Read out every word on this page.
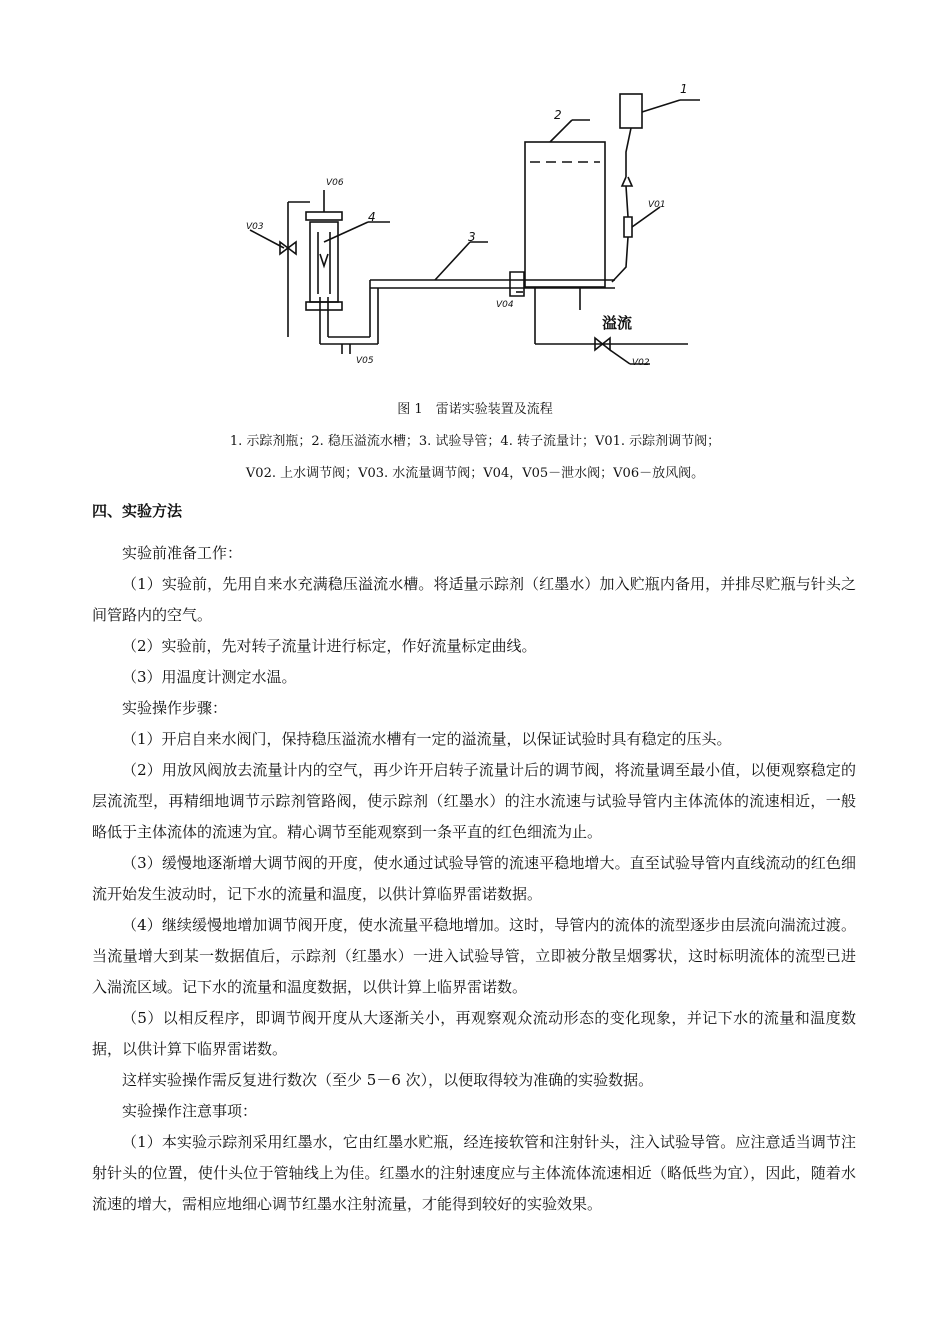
1
2
3
4
V01
V02
V03
V04
V05
V06
溢流
图 1　雷诺实验装置及流程
1. 示踪剂瓶；2. 稳压溢流水槽；3. 试验导管；4. 转子流量计；V01. 示踪剂调节阀；
V02. 上水调节阀；V03. 水流量调节阀；V04，V05－泄水阀；V06－放风阀。
四、实验方法

实验前准备工作：

（1）实验前，先用自来水充满稳压溢流水槽。将适量示踪剂（红墨水）加入贮瓶内备用，并排尽贮瓶与针头之间管路内的空气。

（2）实验前，先对转子流量计进行标定，作好流量标定曲线。

（3）用温度计测定水温。

实验操作步骤：

（1）开启自来水阀门，保持稳压溢流水槽有一定的溢流量，以保证试验时具有稳定的压头。

（2）用放风阀放去流量计内的空气，再少许开启转子流量计后的调节阀，将流量调至最小值，以便观察稳定的层流流型，再精细地调节示踪剂管路阀，使示踪剂（红墨水）的注水流速与试验导管内主体流体的流速相近，一般略低于主体流体的流速为宜。精心调节至能观察到一条平直的红色细流为止。

（3）缓慢地逐渐增大调节阀的开度，使水通过试验导管的流速平稳地增大。直至试验导管内直线流动的红色细流开始发生波动时，记下水的流量和温度，以供计算临界雷诺数据。

（4）继续缓慢地增加调节阀开度，使水流量平稳地增加。这时，导管内的流体的流型逐步由层流向湍流过渡。当流量增大到某一数据值后，示踪剂（红墨水）一进入试验导管，立即被分散呈烟雾状，这时标明流体的流型已进入湍流区域。记下水的流量和温度数据，以供计算上临界雷诺数。

（5）以相反程序，即调节阀开度从大逐渐关小，再观察观众流动形态的变化现象，并记下水的流量和温度数据，以供计算下临界雷诺数。

这样实验操作需反复进行数次（至少 5－6 次），以便取得较为准确的实验数据。

实验操作注意事项：

（1）本实验示踪剂采用红墨水，它由红墨水贮瓶，经连接软管和注射针头，注入试验导管。应注意适当调节注射针头的位置，使什头位于管轴线上为佳。红墨水的注射速度应与主体流体流速相近（略低些为宜），因此，随着水流速的增大，需相应地细心调节红墨水注射流量，才能得到较好的实验效果。
